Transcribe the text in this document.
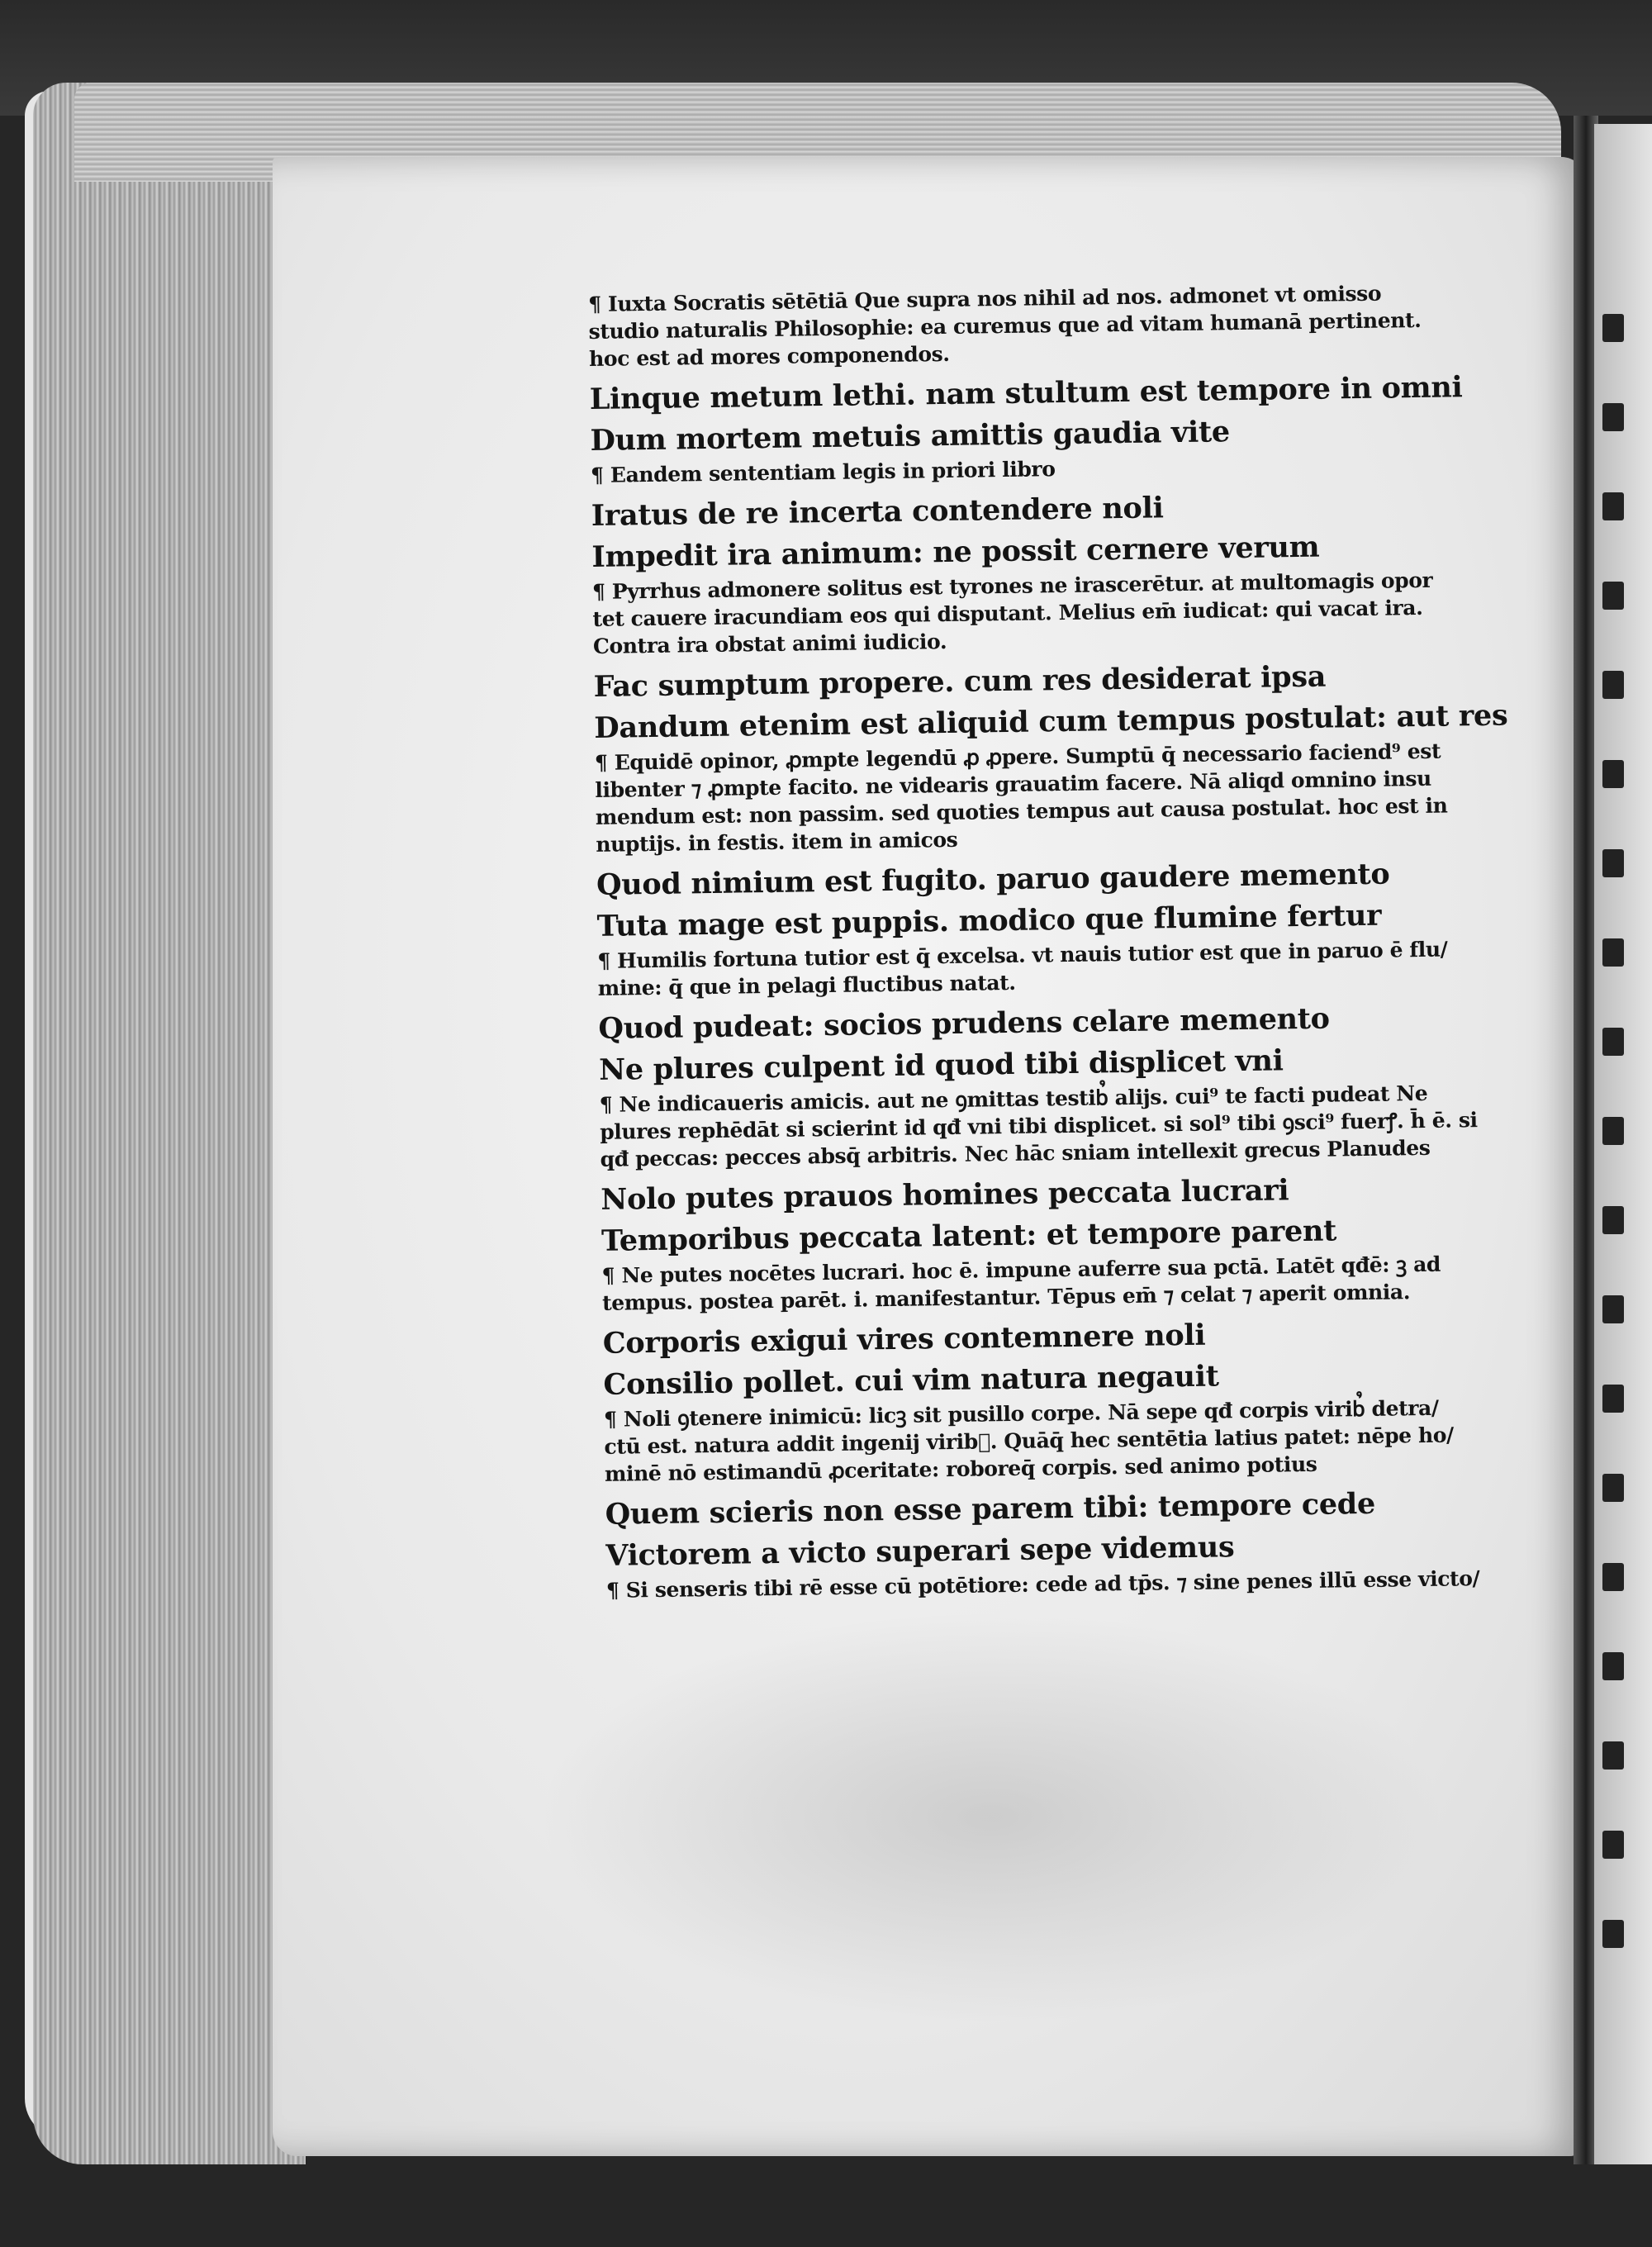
¶ Iuxta Socratis sētētiā Que supra nos nihil ad nos. admonet vt omisso
studio naturalis Philosophie: ea curemus que ad vitam humanā pertinent.
hoc est ad mores componendos.
Linque metum lethi. nam stultum est tempore in omni
Dum mortem metuis amittis gaudia vite
¶ Eandem sententiam legis in priori libro
Iratus de re incerta contendere noli
Impedit ira animum: ne possit cernere verum
¶ Pyrrhus admonere solitus est tyrones ne irascerētur. at multomagis opor
tet cauere iracundiam eos qui disputant. Melius em̄ iudicat: qui vacat ira.
Contra ira obstat animi iudicio.
Fac sumptum propere. cum res desiderat ipsa
Dandum etenim est aliquid cum tempus postulat: aut res
¶ Equidē opinor, ꝓmpte legendū ꝓ ꝓpere. Sumptū q̄ necessario faciend⁹ est
libenter ⁊ ꝓmpte facito. ne videaris grauatim facere. Nā aliqd omnino insu
mendum est: non passim. sed quoties tempus aut causa postulat. hoc est in
nuptijs. in festis. item in amicos
Quod nimium est fugito. paruo gaudere memento
Tuta mage est puppis. modico que flumine fertur
¶ Humilis fortuna tutior est q̄ excelsa. vt nauis tutior est que in paruo ē flu/
mine: q̄ que in pelagi fluctibus natat.
Quod pudeat: socios prudens celare memento
Ne plures culpent id quod tibi displicet vni
¶ Ne indicaueris amicis. aut ne ꝯmittas testib᷒ alijs. cui⁹ te facti pudeat Ne
plures rephēdāt si scierint id qđ vni tibi displicet. si sol⁹ tibi ꝯsci⁹ fuerꝭ. h̄ ē. si
qđ peccas: pecces absq̄ arbitris. Nec hāc sniam intellexit grecus Planudes
Nolo putes prauos homines peccata lucrari
Temporibus peccata latent: et tempore parent
¶ Ne putes nocētes lucrari. hoc ē. impune auferre sua pctā. Latēt qđē: ꝫ ad
tempus. postea parēt. i. manifestantur. Tēpus em̄ ⁊ celat ⁊ aperit omnia.
Corporis exigui vires contemnere noli
Consilio pollet. cui vim natura negauit
¶ Noli ꝯtenere inimicū: licꝫ sit pusillo corpe. Nā sepe qđ corpis virib᷒ detra/
ctū est. natura addit ingenij virib᷒. Quāq̄ hec sentētia latius patet: nēpe ho/
minē nō estimandū ꝓceritate: roboreq̄ corpis. sed animo potius
Quem scieris non esse parem tibi: tempore cede
Victorem a victo superari sepe videmus
¶ Si senseris tibi rē esse cū potētiore: cede ad tp̄s. ⁊ sine penes illū esse victo/
